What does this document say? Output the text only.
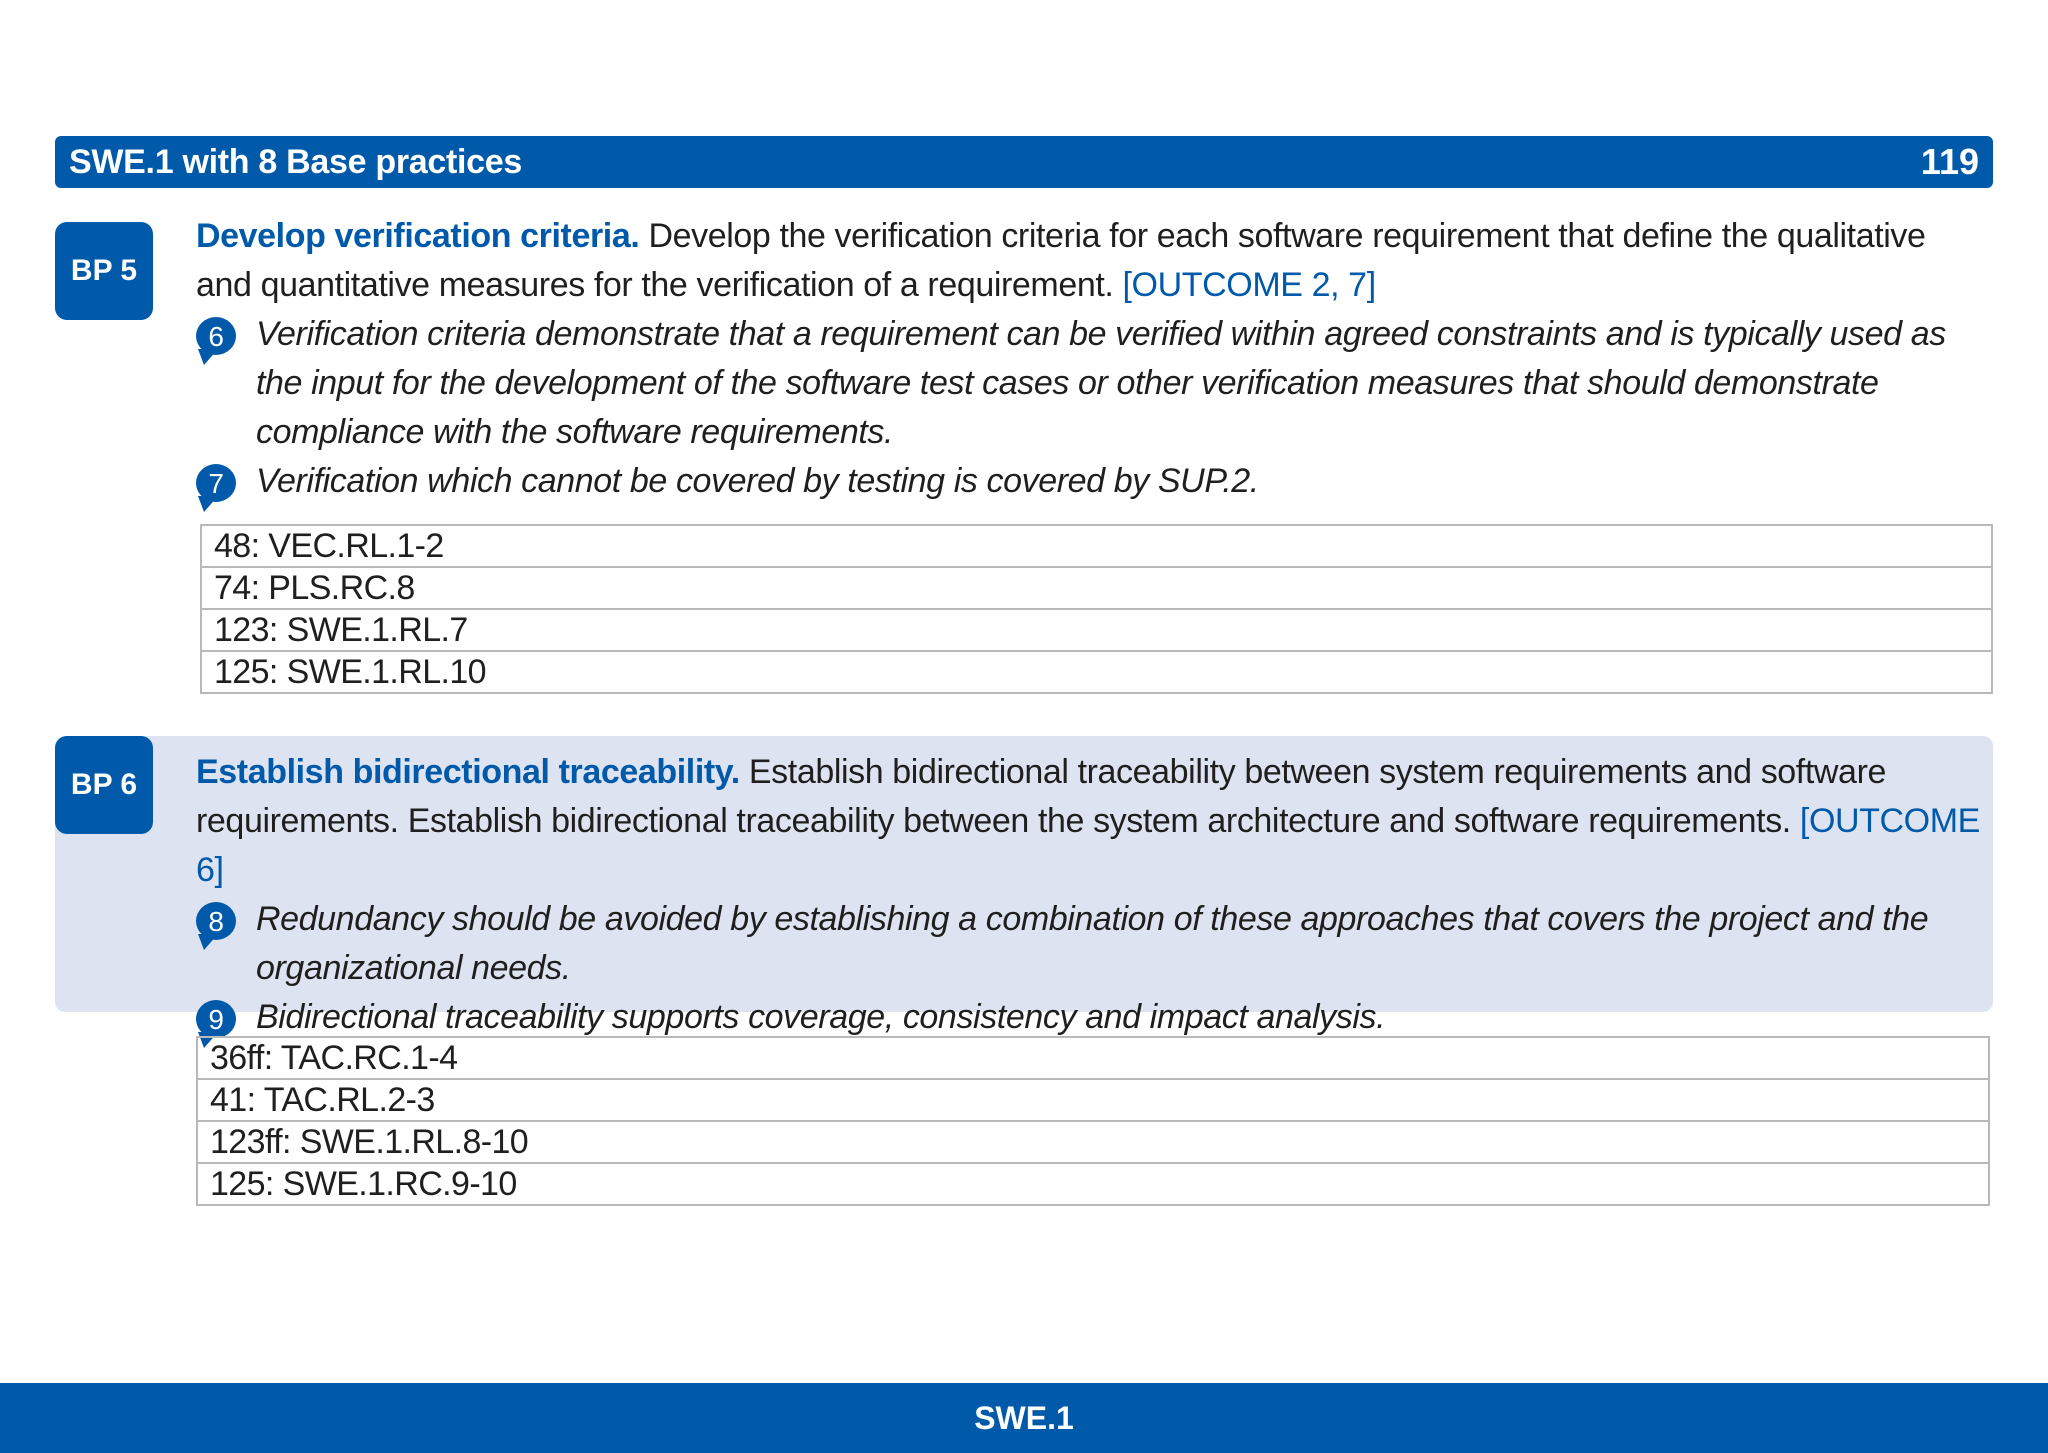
SWE.1 with 8 Base practices	119
BP 5
Develop verification criteria. Develop the verification criteria for each software requirement that define the qualitative and quantitative measures for the verification of a requirement. [OUTCOME 2, 7]
6 Verification criteria demonstrate that a requirement can be verified within agreed constraints and is typically used as the input for the development of the software test cases or other verification measures that should demonstrate compliance with the software requirements.
7 Verification which cannot be covered by testing is covered by SUP.2.
48: VEC.RL.1-2
74: PLS.RC.8
123: SWE.1.RL.7
125: SWE.1.RL.10
BP 6	Establish bidirectional traceability. Establish bidirectional traceability between system requirements and software requirements. Establish bidirectional traceability between the system architecture and software requirements. [OUTCOME 6]
8 Redundancy should be avoided by establishing a combination of these approaches that covers the project and the organizational needs.
9 Bidirectional traceability supports coverage, consistency and impact analysis.
36ff: TAC.RC.1-4
41: TAC.RL.2-3
123ff: SWE.1.RL.8-10
125: SWE.1.RC.9-10
SWE.1
